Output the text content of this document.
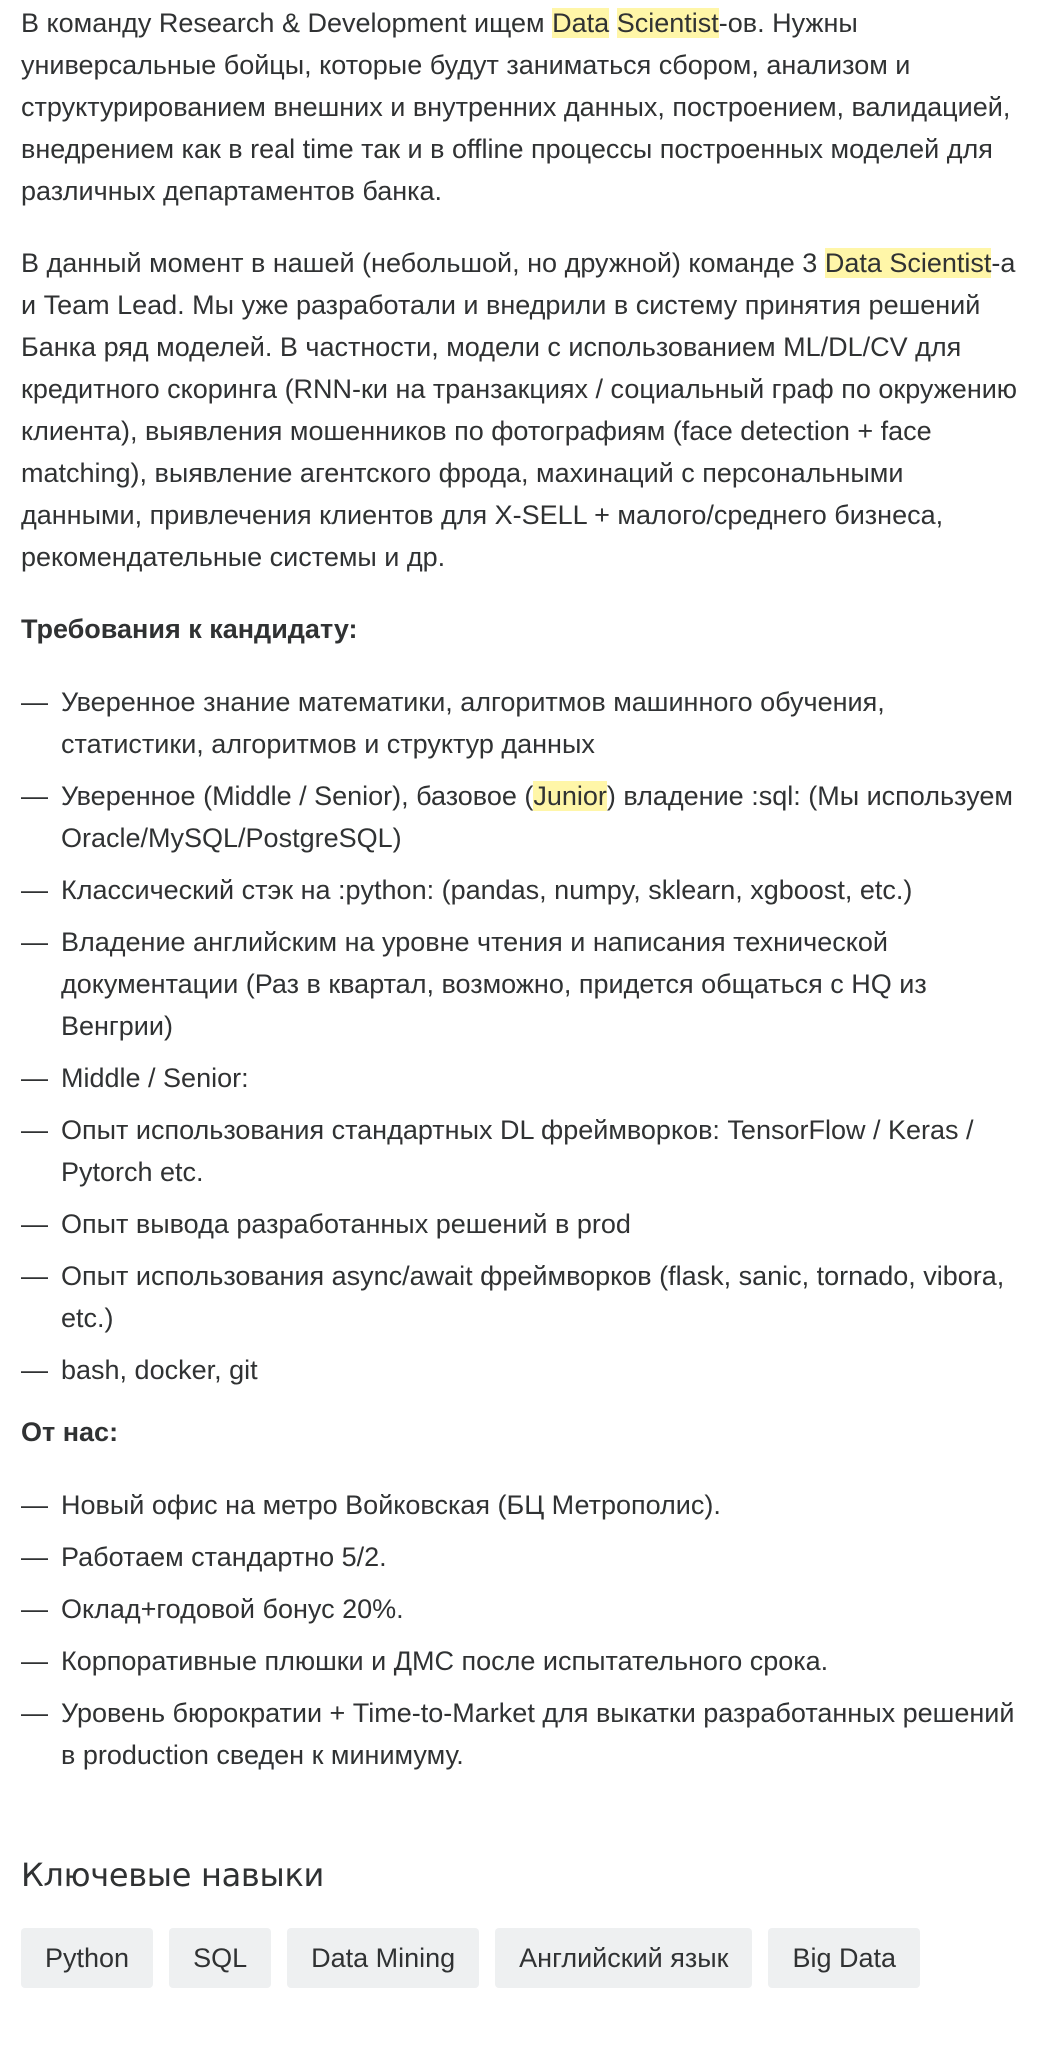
В команду Research & Development ищем Data Scientist-ов. Нужны универсальные бойцы, которые будут заниматься сбором, анализом и структурированием внешних и внутренних данных, построением, валидацией, внедрением как в real time так и в offline процессы построенных моделей для различных департаментов банка.

В данный момент в нашей (небольшой, но дружной) команде 3 Data Scientist-а и Team Lead. Мы уже разработали и внедрили в систему принятия решений Банка ряд моделей. В частности, модели с использованием ML/DL/CV для кредитного скоринга (RNN-ки на транзакциях / социальный граф по окружению клиента), выявления мошенников по фотографиям (face detection + face matching), выявление агентского фрода, махинаций с персональными данными, привлечения клиентов для X-SELL + малого/среднего бизнеса, рекомендательные системы и др.

Требования к кандидату:

— Уверенное знание математики, алгоритмов машинного обучения, статистики, алгоритмов и структур данных
— Уверенное (Middle / Senior), базовое (Junior) владение :sql: (Мы используем Oracle/MySQL/PostgreSQL)
— Классический стэк на :python: (pandas, numpy, sklearn, xgboost, etc.)
— Владение английским на уровне чтения и написания технической документации (Раз в квартал, возможно, придется общаться с HQ из Венгрии)
— Middle / Senior:
— Опыт использования стандартных DL фреймворков: TensorFlow / Keras / Pytorch etc.
— Опыт вывода разработанных решений в prod
— Опыт использования async/await фреймворков (flask, sanic, tornado, vibora, etc.)
— bash, docker, git

От нас:

— Новый офис на метро Войковская (БЦ Метрополис).
— Работаем стандартно 5/2.
— Оклад+годовой бонус 20%.
— Корпоративные плюшки и ДМС после испытательного срока.
— Уровень бюрократии + Time-to-Market для выкатки разработанных решений в production сведен к минимуму.
Ключевые навыки
Python	SQL	Data Mining	Английский язык	Big Data
